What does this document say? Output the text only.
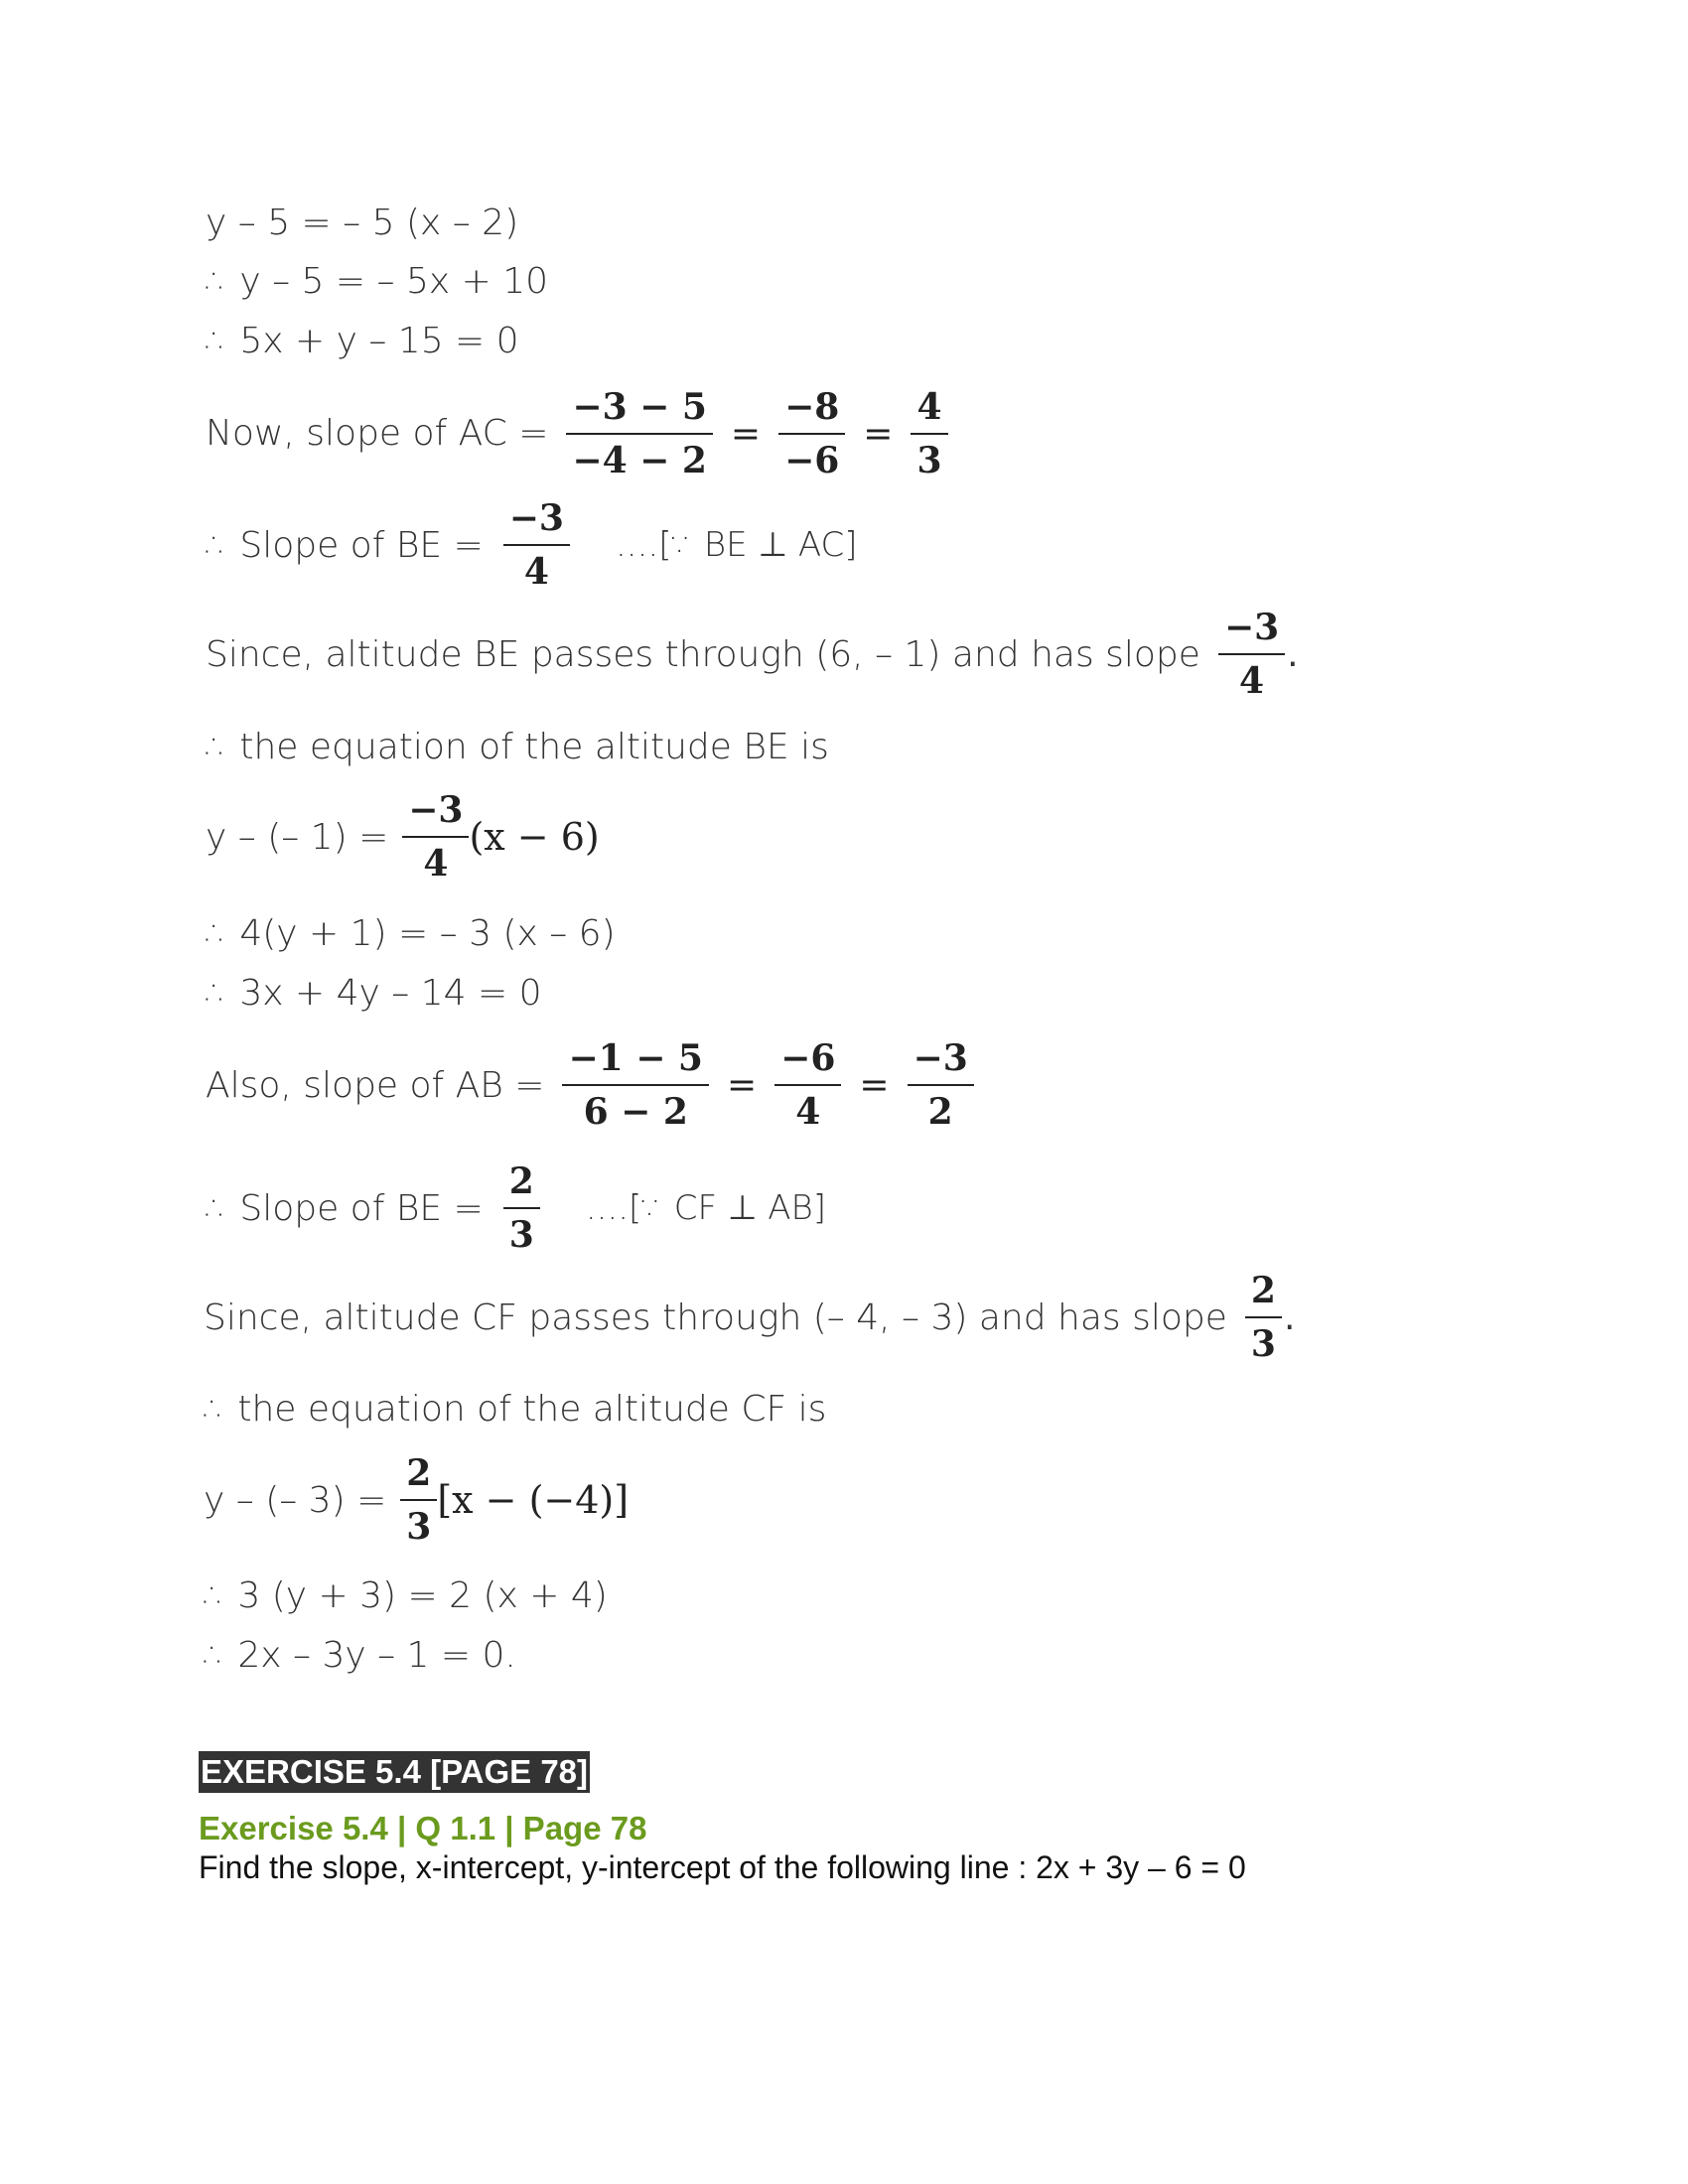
y – 5 = – 5 (x – 2)
∴ y – 5 = – 5x + 10
∴ 5x + y – 15 = 0
Now, slope of AC = $\frac{-3 - 5}{-4 - 2} = \frac{-8}{-6} = \frac{4}{3}$
∴ Slope of BE = $\frac{-3}{4}$ ....[∵ BE ⊥ AC]
Since, altitude BE passes through (6, – 1) and has slope $\frac{-3}{4}$ .
∴ the equation of the altitude BE is
y – (– $1) = \frac{-3}{4} (x - 6)$
∴ 4(y + 1) = – 3 (x – 6)
∴ 3x + 4y – 14 = 0
Also, slope of AB = $\frac{-1 - 5}{6 - 2} = \frac{-6}{4} = \frac{-3}{2}$
∴ Slope of BE = $\frac{2}{3}$ ....[∵ CF ⊥ AB]
Since, altitude CF passes through (– 4, – 3) and has slope $\frac{2}{3}$ .
∴ the equation of the altitude CF is
y – (– $3) = \frac{2}{3} [x - (-4)]$
∴ 3 (y + 3) = 2 (x + 4)
∴ 2x – 3y – 1 = 0.
EXERCISE 5.4 [PAGE 78]
Exercise 5.4 | Q 1.1 | Page 78
Find the slope, x-intercept, y-intercept of the following line : 2x + 3y – 6 = 0
